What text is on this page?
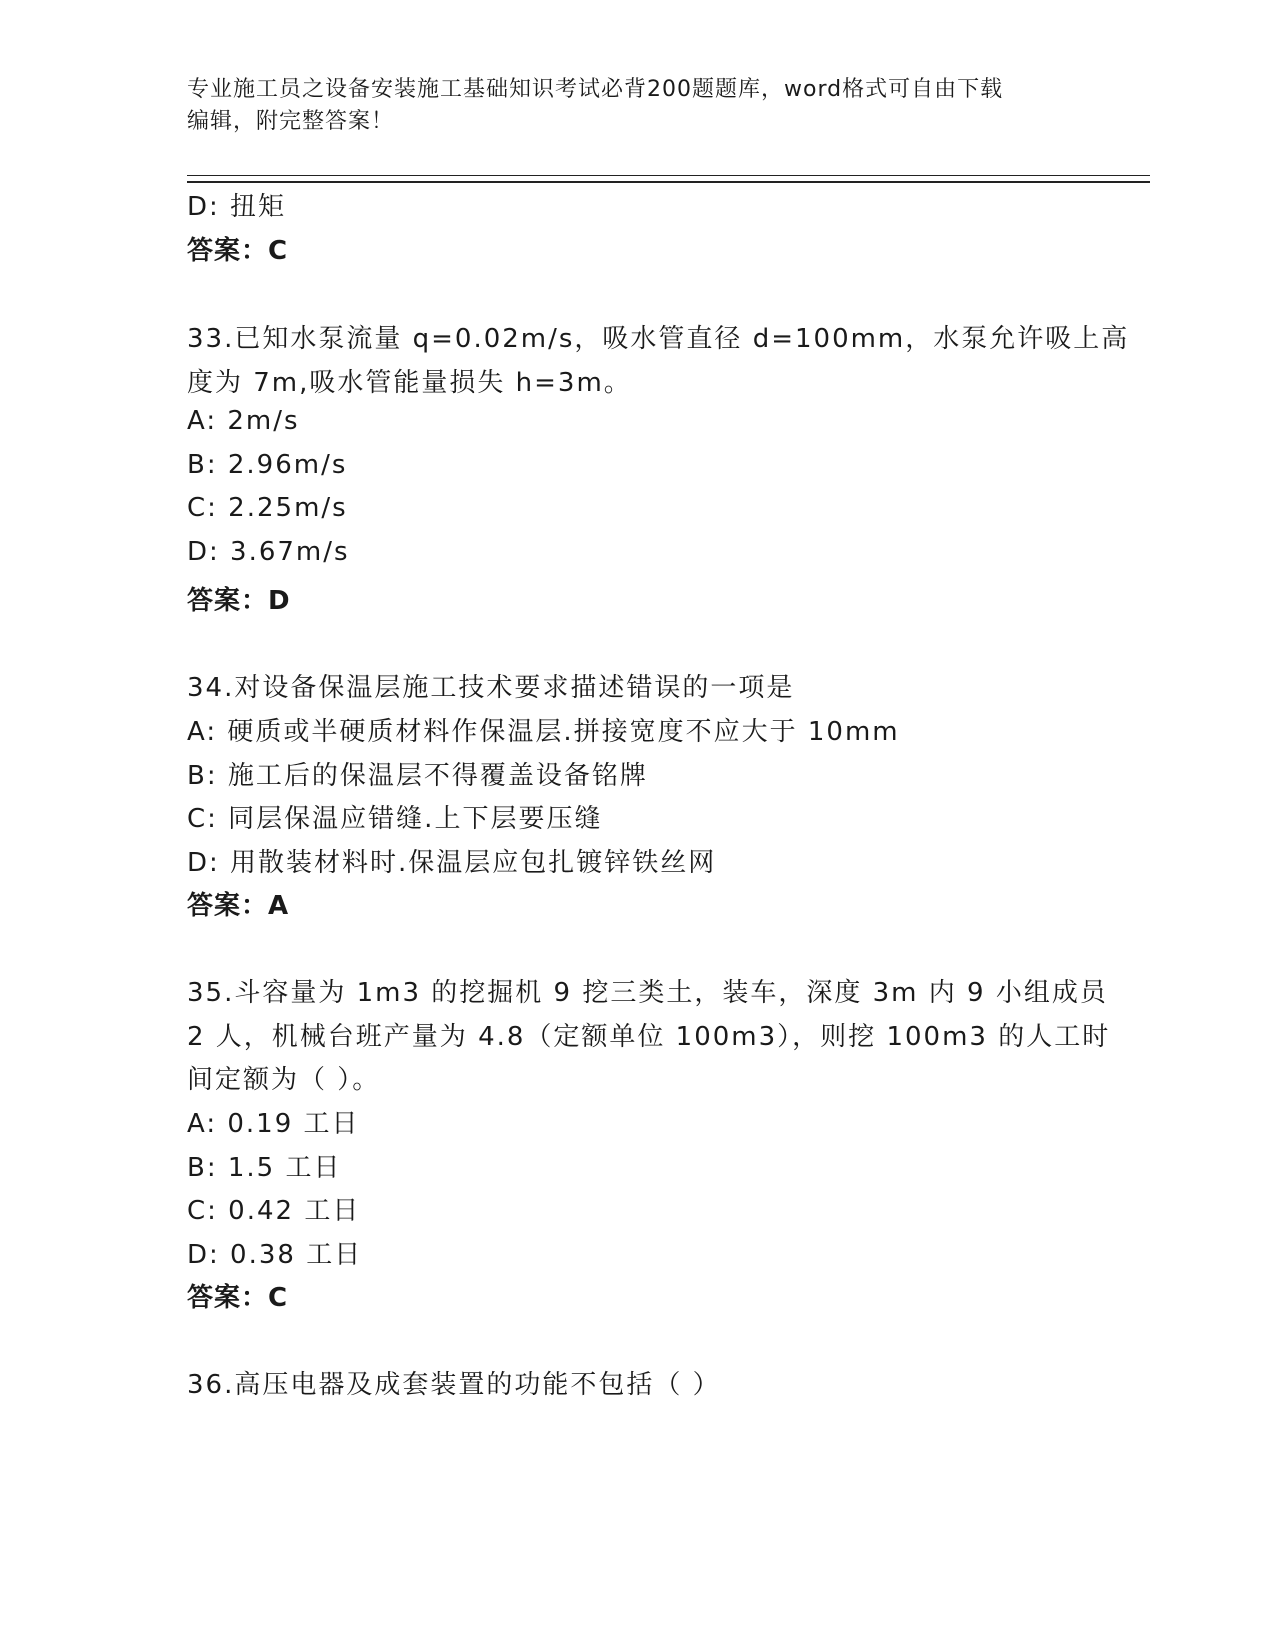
专业施工员之设备安装施工基础知识考试必背200题题库，word格式可自由下载
编辑，附完整答案！
D: 扭矩
答案：C
33.已知水泵流量 q=0.02m/s，吸水管直径 d=100mm，水泵允许吸上高
度为 7m,吸水管能量损失 h=3m。
A: 2m/s
B: 2.96m/s
C: 2.25m/s
D: 3.67m/s
答案：D
34.对设备保温层施工技术要求描述错误的一项是
A: 硬质或半硬质材料作保温层.拼接宽度不应大于 10mm
B: 施工后的保温层不得覆盖设备铭牌
C: 同层保温应错缝.上下层要压缝
D: 用散装材料时.保温层应包扎镀锌铁丝网
答案：A
35.斗容量为 1m3 的挖掘机 9 挖三类土，装车，深度 3m 内 9 小组成员
2 人，机械台班产量为 4.8（定额单位 100m3），则挖 100m3 的人工时
间定额为（ ）。
A: 0.19 工日
B: 1.5 工日
C: 0.42 工日
D: 0.38 工日
答案：C
36.高压电器及成套装置的功能不包括（ ）
